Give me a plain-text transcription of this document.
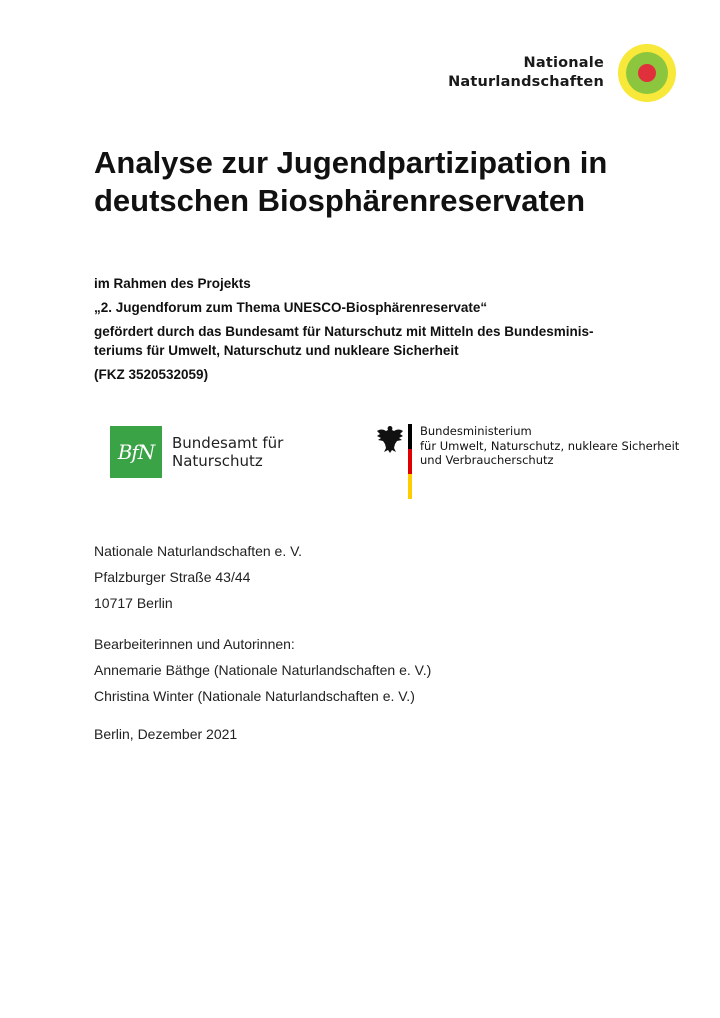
Nationale
Naturlandschaften
Analyse zur Jugendpartizipation in deutschen Biosphärenreservaten

im Rahmen des Projekts

„2. Jugendforum zum Thema UNESCO-Biosphärenreservate“

gefördert durch das Bundesamt für Naturschutz mit Mitteln des Bundesminis-

teriums für Umwelt, Naturschutz und nukleare Sicherheit

(FKZ 3520532059)

BfN	Bundesamt für
Naturschutz
Bundesministerium
für Umwelt, Naturschutz, nukleare Sicherheit
und Verbraucherschutz

Nationale Naturlandschaften e. V.

Pfalzburger Straße 43/44

10717 Berlin

Bearbeiterinnen und Autorinnen:

Annemarie Bäthge (Nationale Naturlandschaften e. V.)

Christina Winter (Nationale Naturlandschaften e. V.)

Berlin, Dezember 2021
